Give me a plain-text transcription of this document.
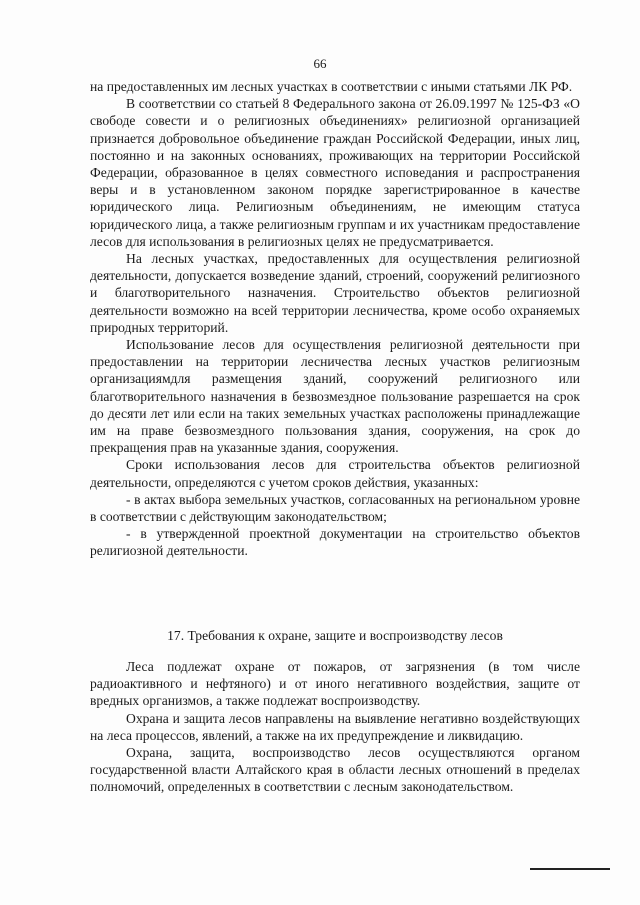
66

на предоставленных им лесных участках в соответствии с иными статьями ЛК РФ.

В соответствии со статьей 8 Федерального закона от 26.09.1997 № 125-ФЗ «О свободе совести и о религиозных объединениях» религиозной организацией признается добровольное объединение граждан Российской Федерации, иных лиц, постоянно и на законных основаниях, проживающих на территории Российской Федерации, образованное в целях совместного исповедания и распространения веры и в установленном законом порядке зарегистрированное в качестве юридического лица. Религиозным объединениям, не имеющим статуса юридического лица, а также религиозным группам и их участникам предоставление лесов для использования в религиозных целях не предусматривается.

На лесных участках, предоставленных для осуществления религиозной деятельности, допускается возведение зданий, строений, сооружений религиозного и благотворительного назначения. Строительство объектов религиозной деятельности возможно на всей территории лесничества, кроме особо охраняемых природных территорий.

Использование лесов для осуществления религиозной деятельности при предоставлении на территории лесничества лесных участков религиозным организациямдля размещения зданий, сооружений религиозного или благотворительного назначения в безвозмездное пользование разрешается на срок до десяти лет или если на таких земельных участках расположены принадлежащие им на праве безвозмездного пользования здания, сооружения, на срок до прекращения прав на указанные здания, сооружения.

Сроки использования лесов для строительства объектов религиозной деятельности, определяются с учетом сроков действия, указанных:

- в актах выбора земельных участков, согласованных на региональном уровне в соответствии с действующим законодательством;

- в утвержденной проектной документации на строительство объектов религиозной деятельности.

17. Требования к охране, защите и воспроизводству лесов

Леса подлежат охране от пожаров, от загрязнения (в том числе радиоактивного и нефтяного) и от иного негативного воздействия, защите от вредных организмов, а также подлежат воспроизводству.

Охрана и защита лесов направлены на выявление негативно воздействующих на леса процессов, явлений, а также на их предупреждение и ликвидацию.

Охрана, защита, воспроизводство лесов осуществляются органом государственной власти Алтайского края в области лесных отношений в пределах полномочий, определенных в соответствии с лесным законодательством.
